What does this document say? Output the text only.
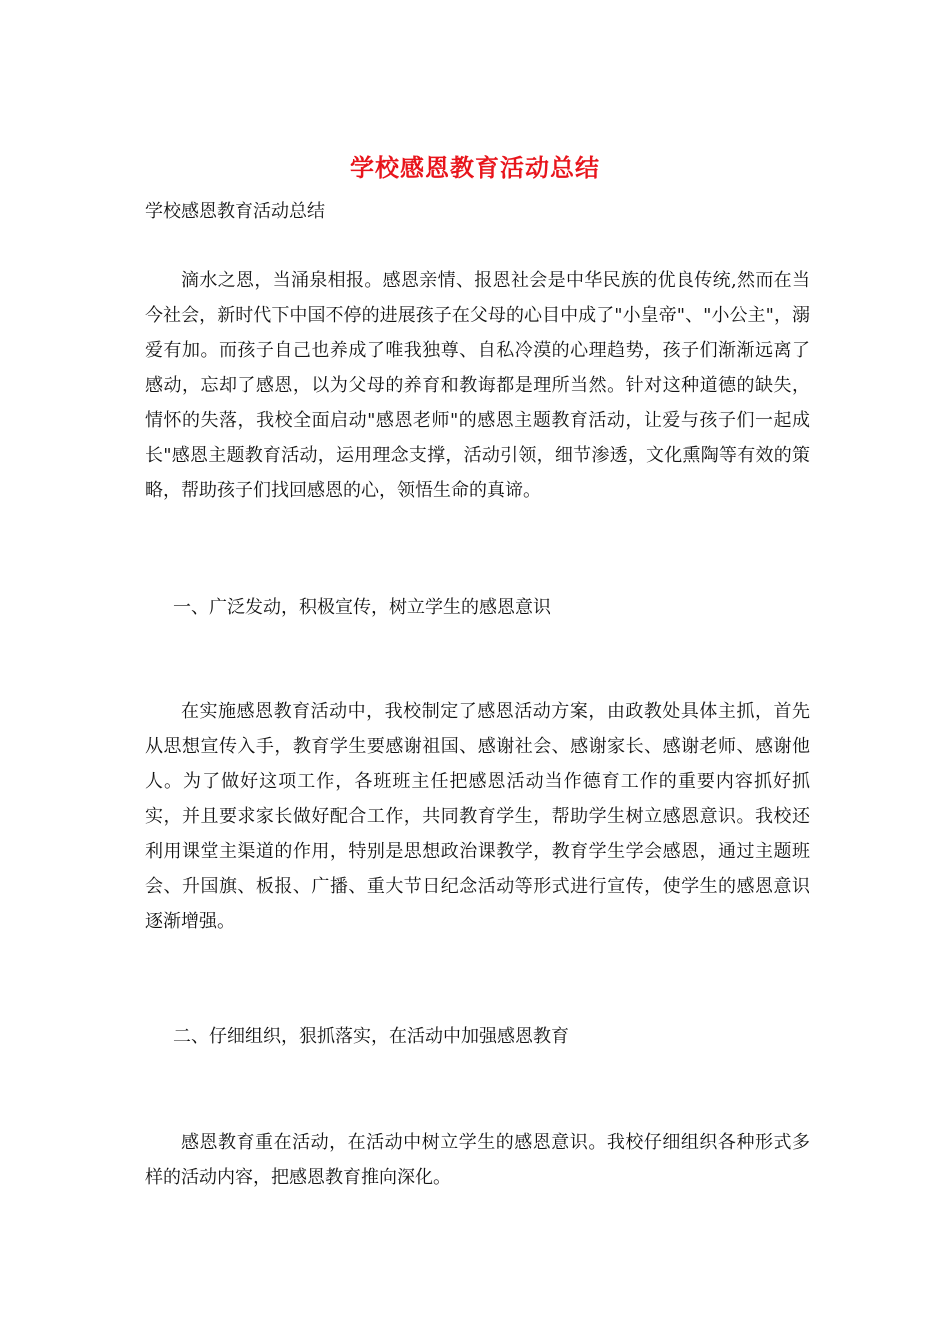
学校感恩教育活动总结
学校感恩教育活动总结

滴水之恩，当涌泉相报。感恩亲情、报恩社会是中华民族的优良传统,然而在当今社会，新时代下中国不停的进展孩子在父母的心目中成了"小皇帝"、"小公主"，溺爱有加。而孩子自己也养成了唯我独尊、自私冷漠的心理趋势，孩子们渐渐远离了感动，忘却了感恩，以为父母的养育和教诲都是理所当然。针对这种道德的缺失，情怀的失落，我校全面启动"感恩老师"的感恩主题教育活动，让爱与孩子们一起成长"感恩主题教育活动，运用理念支撑，活动引领，细节渗透，文化熏陶等有效的策略，帮助孩子们找回感恩的心，领悟生命的真谛。

一、广泛发动，积极宣传，树立学生的感恩意识

在实施感恩教育活动中，我校制定了感恩活动方案，由政教处具体主抓，首先从思想宣传入手，教育学生要感谢祖国、感谢社会、感谢家长、感谢老师、感谢他人。为了做好这项工作，各班班主任把感恩活动当作德育工作的重要内容抓好抓实，并且要求家长做好配合工作，共同教育学生，帮助学生树立感恩意识。我校还利用课堂主渠道的作用，特别是思想政治课教学，教育学生学会感恩，通过主题班会、升国旗、板报、广播、重大节日纪念活动等形式进行宣传，使学生的感恩意识逐渐增强。

二、仔细组织，狠抓落实，在活动中加强感恩教育

感恩教育重在活动，在活动中树立学生的感恩意识。我校仔细组织各种形式多样的活动内容，把感恩教育推向深化。
